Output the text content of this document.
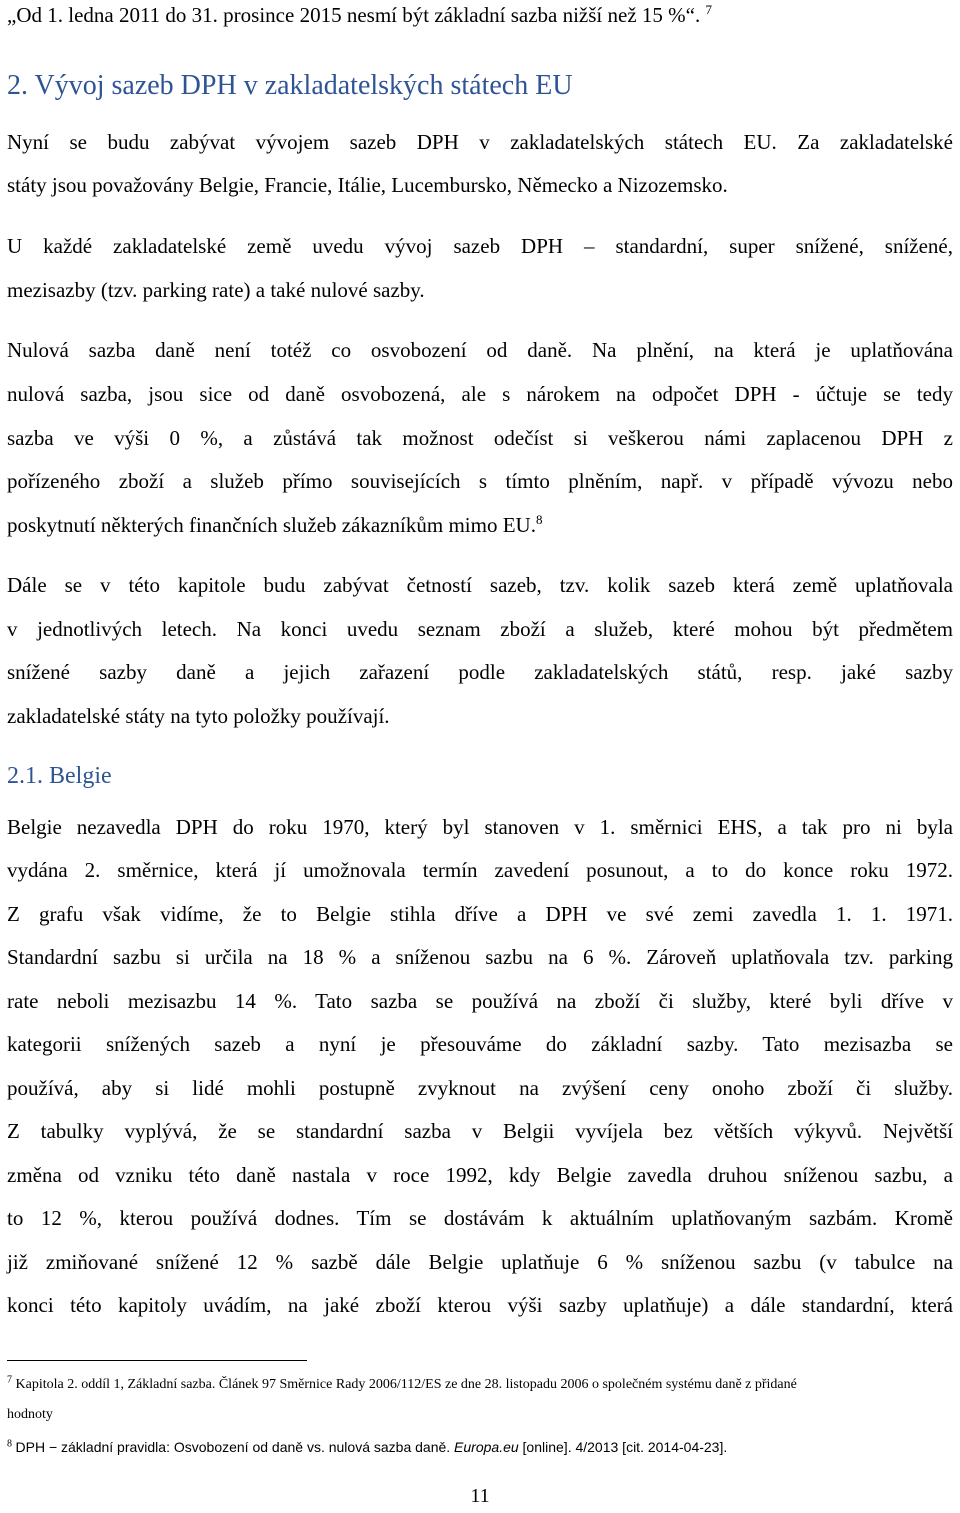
„Od 1. ledna 2011 do 31. prosince 2015 nesmí být základní sazba nižší než 15 %“. $^7$
2. Vývoj sazeb DPH v zakladatelských státech EU
Nyní se budu zabývat vývojem sazeb DPH v zakladatelských státech EU. Za zakladatelské
státy jsou považovány Belgie, Francie, Itálie, Lucembursko, Německo a Nizozemsko.
U každé zakladatelské země uvedu vývoj sazeb DPH – standardní, super snížené, snížené,
mezisazby (tzv. parking rate) a také nulové sazby.
Nulová sazba daně není totéž co osvobození od daně. Na plnění, na která je uplatňována
nulová sazba, jsou sice od daně osvobozená, ale s nárokem na odpočet DPH - účtuje se tedy
sazba ve výši 0 %, a zůstává tak možnost odečíst si veškerou námi zaplacenou DPH z
pořízeného zboží a služeb přímo souvisejících s tímto plněním, např. v případě vývozu nebo
poskytnutí některých finančních služeb zákazníkům mimo EU.$^8$
Dále se v této kapitole budu zabývat četností sazeb, tzv. kolik sazeb která země uplatňovala
v jednotlivých letech. Na konci uvedu seznam zboží a služeb, které mohou být předmětem
snížené sazby daně a jejich zařazení podle zakladatelských států, resp. jaké sazby
zakladatelské státy na tyto položky používají.
2.1. Belgie
Belgie nezavedla DPH do roku 1970, který byl stanoven v 1. směrnici EHS, a tak pro ni byla
vydána 2. směrnice, která jí umožnovala termín zavedení posunout, a to do konce roku 1972.
Z grafu však vidíme, že to Belgie stihla dříve a DPH ve své zemi zavedla 1. 1. 1971.
Standardní sazbu si určila na 18 % a sníženou sazbu na 6 %. Zároveň uplatňovala tzv. parking
rate neboli mezisazbu 14 %. Tato sazba se používá na zboží či služby, které byli dříve v
kategorii snížených sazeb a nyní je přesouváme do základní sazby. Tato mezisazba se
používá, aby si lidé mohli postupně zvyknout na zvýšení ceny onoho zboží či služby.
Z tabulky vyplývá, že se standardní sazba v Belgii vyvíjela bez větších výkyvů. Největší
změna od vzniku této daně nastala v roce 1992, kdy Belgie zavedla druhou sníženou sazbu, a
to 12 %, kterou používá dodnes. Tím se dostávám k aktuálním uplatňovaným sazbám. Kromě
již zmiňované snížené 12 % sazbě dále Belgie uplatňuje 6 % sníženou sazbu (v tabulce na
konci této kapitoly uvádím, na jaké zboží kterou výši sazby uplatňuje) a dále standardní, která
$^7$ Kapitola 2. oddíl 1, Základní sazba. Článek 97 Směrnice Rady 2006/112/ES ze dne 28. listopadu 2006 o společném systému daně z přidané
hodnoty
$^8$ DPH − základní pravidla: Osvobození od daně vs. nulová sazba daně. Europa.eu [online]. 4/2013 [cit. 2014-04-23].
11
